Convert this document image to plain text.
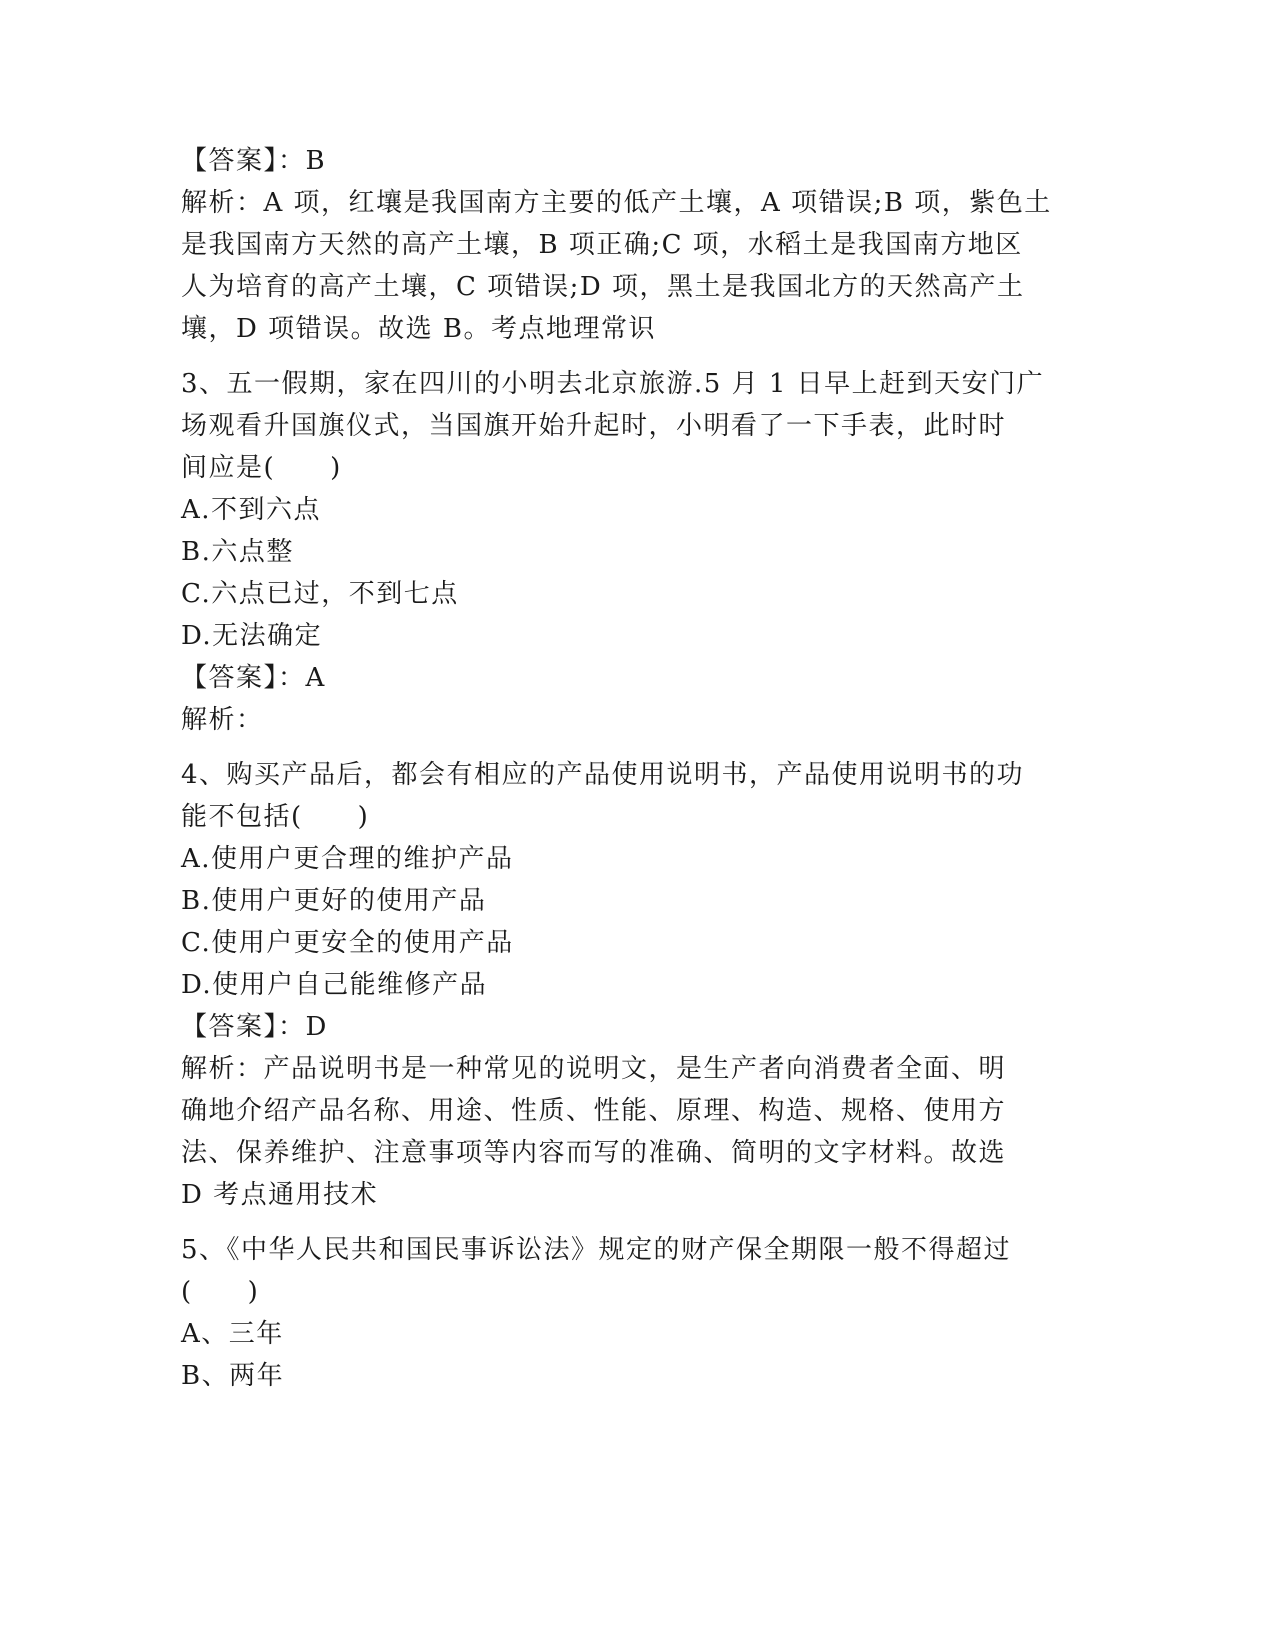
【答案】：B
解析：A 项，红壤是我国南方主要的低产土壤，A 项错误;B 项，紫色土
是我国南方天然的高产土壤，B 项正确;C 项，水稻土是我国南方地区
人为培育的高产土壤，C 项错误;D 项，黑土是我国北方的天然高产土
壤，D 项错误。故选 B。考点地理常识
3、五一假期，家在四川的小明去北京旅游.5 月 1 日早上赶到天安门广
场观看升国旗仪式，当国旗开始升起时，小明看了一下手表，此时时
间应是(　　)
A.不到六点
B.六点整
C.六点已过，不到七点
D.无法确定
【答案】：A
解析：
4、购买产品后，都会有相应的产品使用说明书，产品使用说明书的功
能不包括(　　)
A.使用户更合理的维护产品
B.使用户更好的使用产品
C.使用户更安全的使用产品
D.使用户自己能维修产品
【答案】：D
解析：产品说明书是一种常见的说明文，是生产者向消费者全面、明
确地介绍产品名称、用途、性质、性能、原理、构造、规格、使用方
法、保养维护、注意事项等内容而写的准确、简明的文字材料。故选
D 考点通用技术
5、《中华人民共和国民事诉讼法》规定的财产保全期限一般不得超过
(　　)
A、三年
B、两年
